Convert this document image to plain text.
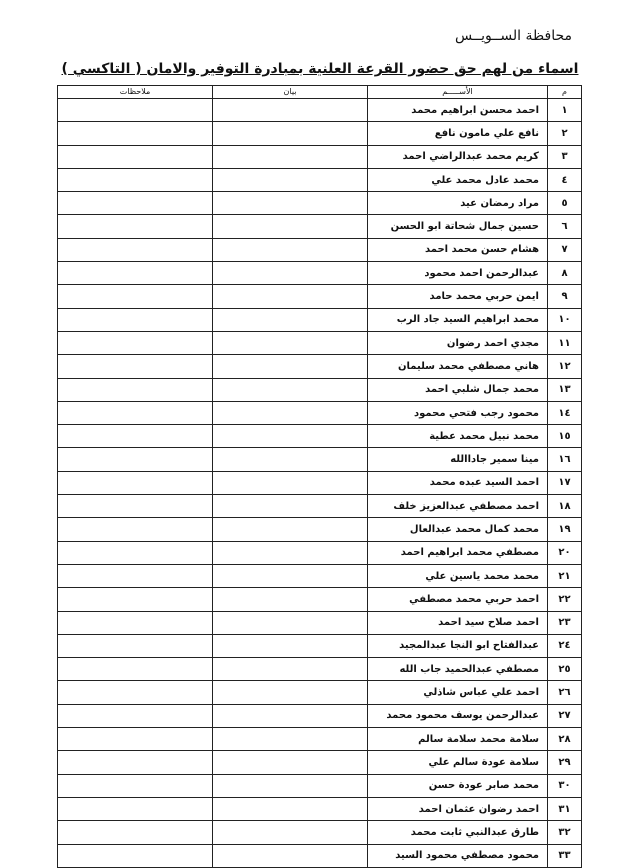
محافظة الســويــس
اسماء من لهم حق حضور القرعة العلنية بمبادرة التوفير والامان ( التاكسي )
م	الأســـــم	بيان	ملاحظات
١	احمد محسن ابراهيم محمد		
٢	نافع علي مامون نافع		
٣	كريم محمد عبدالراضي احمد		
٤	محمد عادل محمد علي		
٥	مراد رمضان عيد		
٦	حسين جمال شحاتة ابو الحسن		
٧	هشام حسن محمد احمد		
٨	عبدالرحمن احمد محمود		
٩	ايمن حربي محمد حامد		
١٠	محمد ابراهيم السيد جاد الرب		
١١	مجدي احمد رضوان		
١٢	هاني مصطفي محمد سليمان		
١٣	محمد جمال شلبي احمد		
١٤	محمود رجب فتحي محمود		
١٥	محمد نبيل محمد عطية		
١٦	مينا سمير جاداالله		
١٧	احمد السيد عبده محمد		
١٨	احمد مصطفي عبدالعزيز خلف		
١٩	محمد كمال محمد عبدالعال		
٢٠	مصطفي محمد ابراهيم احمد		
٢١	محمد محمد ياسين علي		
٢٢	احمد حربي محمد مصطفي		
٢٣	احمد صلاح سيد احمد		
٢٤	عبدالفتاح ابو النجا عبدالمجيد		
٢٥	مصطفي عبدالحميد جاب الله		
٢٦	احمد علي عباس شاذلي		
٢٧	عبدالرحمن يوسف محمود محمد		
٢٨	سلامة محمد سلامة سالم		
٢٩	سلامة عودة سالم علي		
٣٠	محمد صابر عودة حسن		
٣١	احمد رضوان عثمان احمد		
٣٢	طارق عبدالنبي ثابت محمد		
٣٣	محمود مصطفي محمود السيد		
